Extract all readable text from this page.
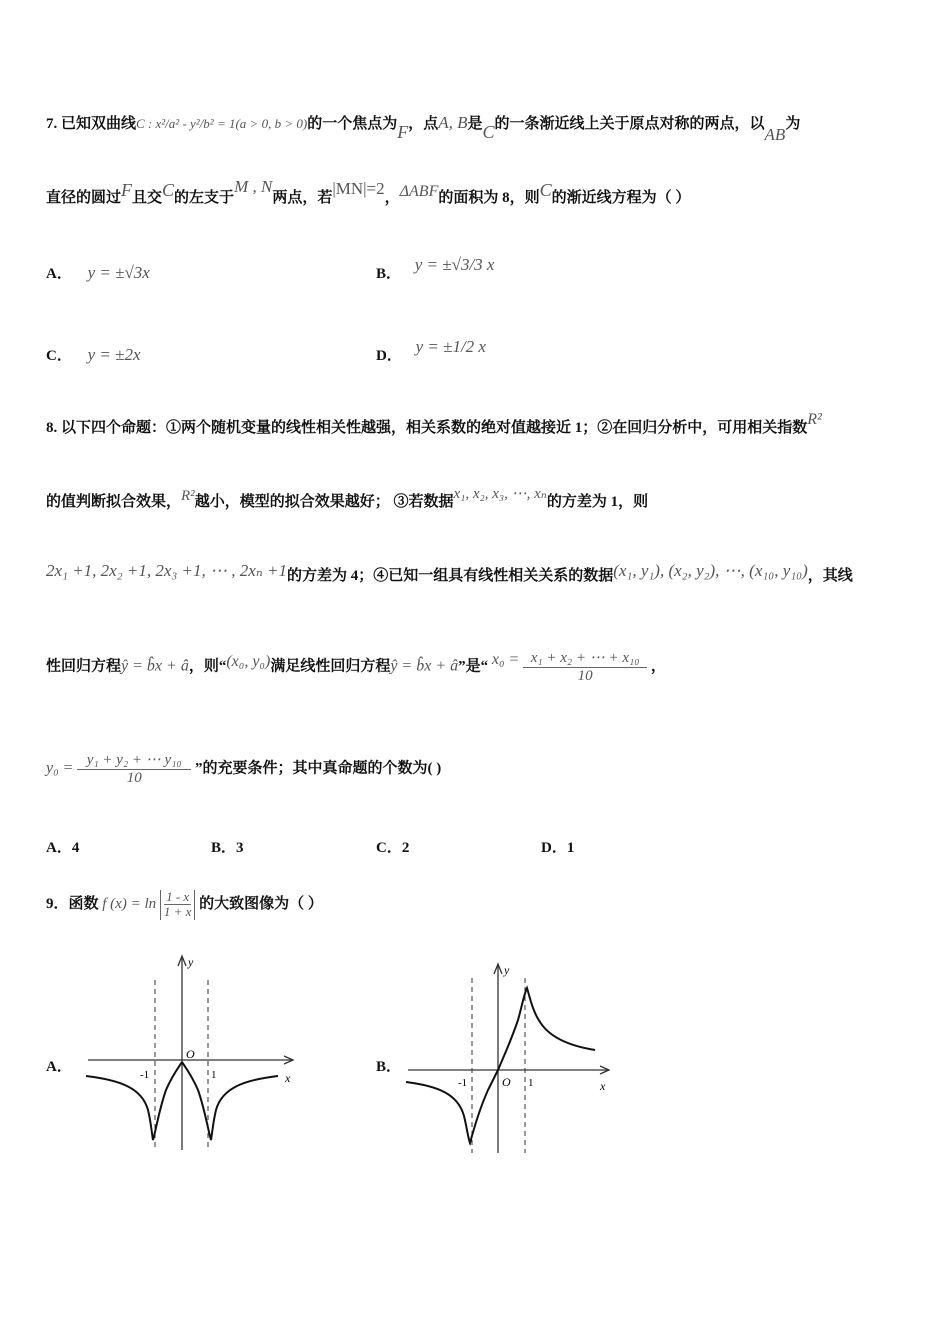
7. 已知双曲线C : x²/a² - y²/b² = 1(a > 0, b > 0)的一个焦点为F，点A, B是C的一条渐近线上关于原点对称的两点，以AB为
直径的圆过F且交C的左支于M , N两点，若|MN|=2，ΔABF的面积为 8，则C的渐近线方程为（ ）
A． y = ±√3x	B． y = ±√3/3 x
C． y = ±2x	D． y = ±1/2 x
8. 以下四个命题：①两个随机变量的线性相关性越强，相关系数的绝对值越接近 1；②在回归分析中，可用相关指数R²
的值判断拟合效果，R²越小，模型的拟合效果越好； ③若数据x₁, x₂, x₃, ⋯, xₙ的方差为 1，则
2x₁ +1, 2x₂ +1, 2x₃ +1, ⋯ , 2xₙ +1的方差为 4；④已知一组具有线性相关关系的数据(x₁, y₁), (x₂, y₂), ⋯, (x₁₀, y₁₀)，其线
性回归方程ŷ = b̂x + â，则“(x₀, y₀)满足线性回归方程ŷ = b̂x + â”是“ $x_0 = \frac{\text{x₁ + x₂ + ⋯ + x₁₀}}{10}$ ，
$y_0 = \frac{\text{y₁ + y₂ + ⋯ y₁₀}}{10}$ ”的充要条件；其中真命题的个数为( )
A．4	B．3	C．2	D．1
9．函数 f $(x) = \ln \frac{1 - x}{1 + x}$ 的大致图像为（ ）
A．	B．
y
x
O
-1	1
y
x
O
-1	1
